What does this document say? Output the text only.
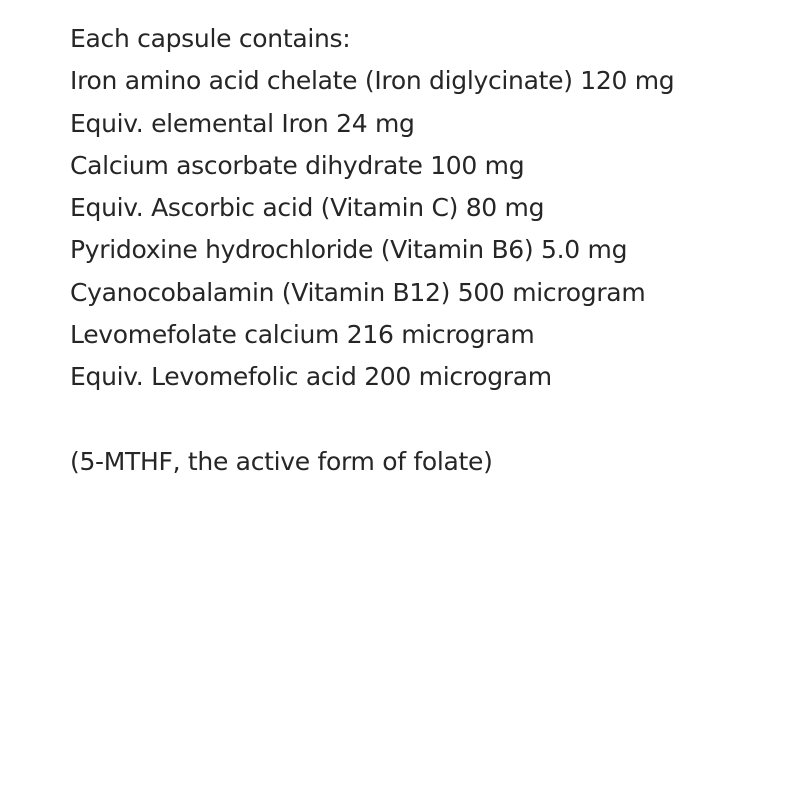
Each capsule contains:
Iron amino acid chelate (Iron diglycinate) 120 mg
Equiv. elemental Iron 24 mg
Calcium ascorbate dihydrate 100 mg
Equiv. Ascorbic acid (Vitamin C) 80 mg
Pyridoxine hydrochloride (Vitamin B6) 5.0 mg
Cyanocobalamin (Vitamin B12) 500 microgram
Levomefolate calcium 216 microgram
Equiv. Levomefolic acid 200 microgram
(5-MTHF, the active form of folate)
